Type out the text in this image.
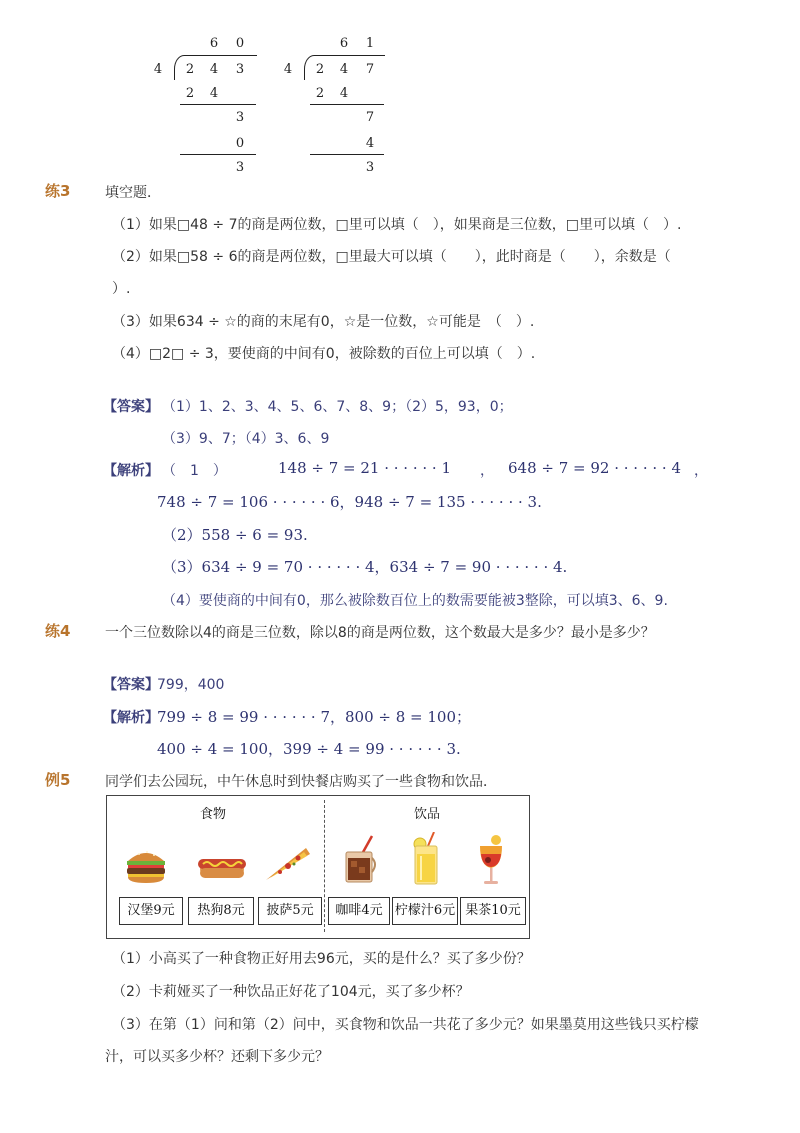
6 0
4 2 4 3
2 4
3
0
3
6 1
4 2 4 7
2 4
7
4
3
练3 填空题．
（1）如果□48 ÷ 7的商是两位数，□里可以填（　），如果商是三位数，□里可以填（　）.
（2）如果□58 ÷ 6的商是两位数，□里最大可以填（　　），此时商是（　　），余数是（
）.
（3）如果634 ÷ ☆的商的末尾有0，☆是一位数，☆可能是　（　）.
（4）□2□ ÷ 3，要使商的中间有0，被除数的百位上可以填（　）.
【答案】 （1）1、2、3、4、5、6、7、8、9；（2）5，93，0；
（3）9、7；（4）3、6、9
【解析】 （　1　）	148 ÷ 7 = 21 · · · · · · 1 ， 648 ÷ 7 = 92 · · · · · · 4 ，
748 ÷ 7 = 106 · · · · · · 6，948 ÷ 7 = 135 · · · · · · 3.
（2）558 ÷ 6 = 93.
（3）634 ÷ 9 = 70 · · · · · · 4，634 ÷ 7 = 90 · · · · · · 4.
（4）要使商的中间有0，那么被除数百位上的数需要能被3整除，可以填3、6、9.
练4 一个三位数除以4的商是三位数，除以8的商是两位数，这个数最大是多少？最小是多少？
【答案】
799，400
【解析】
799 ÷ 8 = 99 · · · · · · 7，800 ÷ 8 = 100；
400 ÷ 4 = 100，399 ÷ 4 = 99 · · · · · · 3.
例5 同学们去公园玩，中午休息时到快餐店购买了一些食物和饮品．
食物	饮品
汉堡9元	热狗8元	披萨5元	咖啡4元 柠檬汁6元 果茶10元
（1）小高买了一种食物正好用去96元，买的是什么？买了多少份？
（2）卡莉娅买了一种饮品正好花了104元，买了多少杯？
（3）在第（1）问和第（2）问中，买食物和饮品一共花了多少元？如果墨莫用这些钱只买柠檬
汁，可以买多少杯？还剩下多少元？
